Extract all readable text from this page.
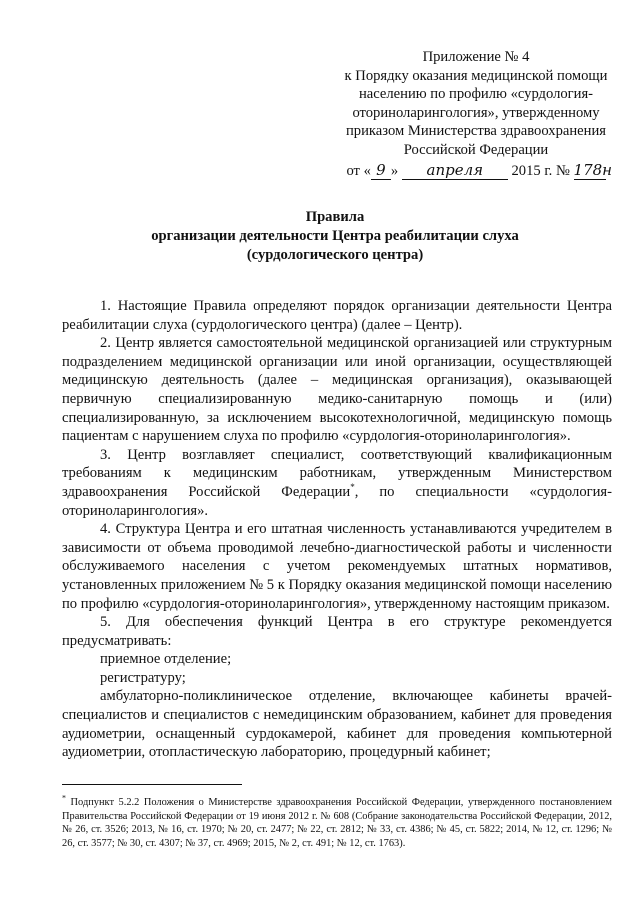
Приложение № 4
к Порядку оказания медицинской помощи
населению по профилю «сурдология-
оториноларингология», утвержденному
приказом Министерства здравоохранения
Российской Федерации
от « 9 » апреля 2015 г. № 178н
Правила
организации деятельности Центра реабилитации слуха
(сурдологического центра)

1. Настоящие Правила определяют порядок организации деятельности Центра реабилитации слуха (сурдологического центра) (далее – Центр).

2. Центр является самостоятельной медицинской организацией или структурным подразделением медицинской организации или иной организации, осуществляющей медицинскую деятельность (далее – медицинская организация), оказывающей первичную специализированную медико-санитарную помощь и (или) специализированную, за исключением высокотехнологичной, медицинскую помощь пациентам с нарушением слуха по профилю «сурдология-оториноларингология».

3. Центр возглавляет специалист, соответствующий квалификационным требованиям к медицинским работникам, утвержденным Министерством здравоохранения Российской Федерации*, по специальности «сурдология-оториноларингология».

4. Структура Центра и его штатная численность устанавливаются учредителем в зависимости от объема проводимой лечебно-диагностической работы и численности обслуживаемого населения с учетом рекомендуемых штатных нормативов, установленных приложением № 5 к Порядку оказания медицинской помощи населению по профилю «сурдология-оториноларингология», утвержденному настоящим приказом.

5. Для обеспечения функций Центра в его структуре рекомендуется предусматривать:

приемное отделение;

регистратуру;

амбулаторно-поликлиническое отделение, включающее кабинеты врачей-специалистов и специалистов с немедицинским образованием, кабинет для проведения аудиометрии, оснащенный сурдокамерой, кабинет для проведения компьютерной аудиометрии, отопластическую лабораторию, процедурный кабинет;

* Подпункт 5.2.2 Положения о Министерстве здравоохранения Российской Федерации, утвержденного постановлением Правительства Российской Федерации от 19 июня 2012 г. № 608 (Собрание законодательства Российской Федерации, 2012, № 26, ст. 3526; 2013, № 16, ст. 1970; № 20, ст. 2477; № 22, ст. 2812; № 33, ст. 4386; № 45, ст. 5822; 2014, № 12, ст. 1296; № 26, ст. 3577; № 30, ст. 4307; № 37, ст. 4969; 2015, № 2, ст. 491; № 12, ст. 1763).
